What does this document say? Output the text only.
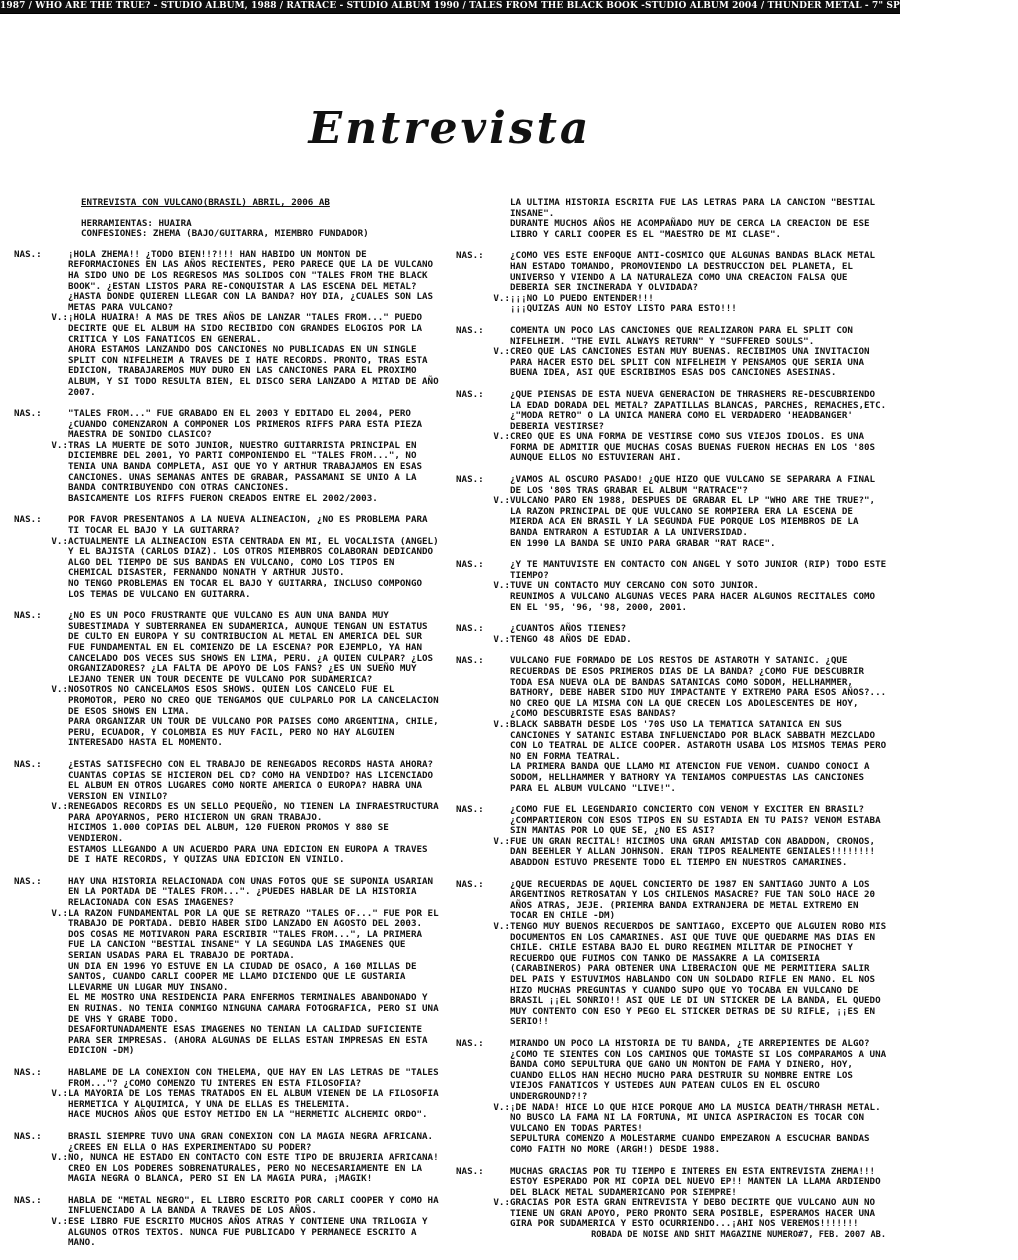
1987 / WHO ARE THE TRUE? - STUDIO ALBUM, 1988 / RATRACE - STUDIO ALBUM 1990 / TALES FROM THE BLACK BOOK -STUDIO ALBUM 2004 / THUNDER METAL - 7" SPLIT /NIFELHEIM, 2006
Entrevista
ENTREVISTA CON VULCANO(BRASIL) ABRIL, 2006 AB
HERRAMIENTAS: HUAIRA
CONFESIONES: ZHEMA (BAJO/GUITARRA, MIEMBRO FUNDADOR)
NAS.:	¡HOLA ZHEMA!! ¿TODO BIEN!!?!!! HAN HABIDO UN MONTON DE REFORMACIONES EN LAS AÑOS RECIENTES, PERO PARECE QUE LA DE VULCANO HA SIDO UNO DE LOS REGRESOS MAS SOLIDOS CON "TALES FROM THE BLACK BOOK". ¿ESTAN LISTOS PARA RE-CONQUISTAR A LAS ESCENA DEL METAL? ¿HASTA DONDE QUIEREN LLEGAR CON LA BANDA? HOY DIA, ¿CUALES SON LAS METAS PARA VULCANO?
V.: ¡HOLA HUAIRA! A MAS DE TRES AÑOS DE LANZAR "TALES FROM..." PUEDO DECIRTE QUE EL ALBUM HA SIDO RECIBIDO CON GRANDES ELOGIOS POR LA CRITICA Y LOS FANATICOS EN GENERAL.
AHORA ESTAMOS LANZANDO DOS CANCIONES NO PUBLICADAS EN UN SINGLE SPLIT CON NIFELHEIM A TRAVES DE I HATE RECORDS. PRONTO, TRAS ESTA EDICION, TRABAJAREMOS MUY DURO EN LAS CANCIONES PARA EL PROXIMO ALBUM, Y SI TODO RESULTA BIEN, EL DISCO SERA LANZADO A MITAD DE AÑO 2007.
NAS.:	"TALES FROM..." FUE GRABADO EN EL 2003 Y EDITADO EL 2004, PERO ¿CUANDO COMENZARON A COMPONER LOS PRIMEROS RIFFS PARA ESTA PIEZA MAESTRA DE SONIDO CLASICO?
V.: TRAS LA MUERTE DE SOTO JUNIOR, NUESTRO GUITARRISTA PRINCIPAL EN DICIEMBRE DEL 2001, YO PARTI COMPONIENDO EL "TALES FROM...", NO TENIA UNA BANDA COMPLETA, ASI QUE YO Y ARTHUR TRABAJAMOS EN ESAS CANCIONES. UNAS SEMANAS ANTES DE GRABAR, PASSAMANI SE UNIO A LA BANDA CONTRIBUYENDO CON OTRAS CANCIONES.
BASICAMENTE LOS RIFFS FUERON CREADOS ENTRE EL 2002/2003.
NAS.:	POR FAVOR PRESENTANOS A LA NUEVA ALINEACION, ¿NO ES PROBLEMA PARA TI TOCAR EL BAJO Y LA GUITARRA?
V.: ACTUALMENTE LA ALINEACION ESTA CENTRADA EN MI, EL VOCALISTA (ANGEL) Y EL BAJISTA (CARLOS DIAZ). LOS OTROS MIEMBROS COLABORAN DEDICANDO ALGO DEL TIEMPO DE SUS BANDAS EN VULCANO, COMO LOS TIPOS EN CHEMICAL DISASTER, FERNANDO NONATH Y ARTHUR JUSTO.
NO TENGO PROBLEMAS EN TOCAR EL BAJO Y GUITARRA, INCLUSO COMPONGO LOS TEMAS DE VULCANO EN GUITARRA.
NAS.:	¿NO ES UN POCO FRUSTRANTE QUE VULCANO ES AUN UNA BANDA MUY SUBESTIMADA Y SUBTERRANEA EN SUDAMERICA, AUNQUE TENGAN UN ESTATUS DE CULTO EN EUROPA Y SU CONTRIBUCION AL METAL EN AMERICA DEL SUR FUE FUNDAMENTAL EN EL COMIENZO DE LA ESCENA? POR EJEMPLO, YA HAN CANCELADO DOS VECES SUS SHOWS EN LIMA, PERU. ¿A QUIEN CULPAR? ¿LOS ORGANIZADORES? ¿LA FALTA DE APOYO DE LOS FANS? ¿ES UN SUEÑO MUY LEJANO TENER UN TOUR DECENTE DE VULCANO POR SUDAMERICA?
V.: NOSOTROS NO CANCELAMOS ESOS SHOWS. QUIEN LOS CANCELO FUE EL PROMOTOR, PERO NO CREO QUE TENGAMOS QUE CULPARLO POR LA CANCELACION DE ESOS SHOWS EN LIMA.
PARA ORGANIZAR UN TOUR DE VULCANO POR PAISES COMO ARGENTINA, CHILE, PERU, ECUADOR, Y COLOMBIA ES MUY FACIL, PERO NO HAY ALGUIEN INTERESADO HASTA EL MOMENTO.
NAS.:	¿ESTAS SATISFECHO CON EL TRABAJO DE RENEGADOS RECORDS HASTA AHORA? CUANTAS COPIAS SE HICIERON DEL CD? COMO HA VENDIDO? HAS LICENCIADO EL ALBUM EN OTROS LUGARES COMO NORTE AMERICA O EUROPA? HABRA UNA VERSION EN VINILO?
V.: RENEGADOS RECORDS ES UN SELLO PEQUEÑO, NO TIENEN LA INFRAESTRUCTURA PARA APOYARNOS, PERO HICIERON UN GRAN TRABAJO.
HICIMOS 1.000 COPIAS DEL ALBUM, 120 FUERON PROMOS Y 880 SE VENDIERON.
ESTAMOS LLEGANDO A UN ACUERDO PARA UNA EDICION EN EUROPA A TRAVES DE I HATE RECORDS, Y QUIZAS UNA EDICION EN VINILO.
NAS.:	HAY UNA HISTORIA RELACIONADA CON UNAS FOTOS QUE SE SUPONIA USARIAN EN LA PORTADA DE "TALES FROM...". ¿PUEDES HABLAR DE LA HISTORIA RELACIONADA CON ESAS IMAGENES?
V.: LA RAZON FUNDAMENTAL POR LA QUE SE RETRAZO "TALES OF..." FUE POR EL TRABAJO DE PORTADA. DEBIO HABER SIDO LANZADO EN AGOSTO DEL 2003.
DOS COSAS ME MOTIVARON PARA ESCRIBIR "TALES FROM...", LA PRIMERA FUE LA CANCION "BESTIAL INSANE" Y LA SEGUNDA LAS IMAGENES QUE SERIAN USADAS PARA EL TRABAJO DE PORTADA.
UN DIA EN 1996 YO ESTUVE EN LA CIUDAD DE OSACO, A 160 MILLAS DE SANTOS, CUANDO CARLI COOPER ME LLAMO DICIENDO QUE LE GUSTARIA LLEVARME UN LUGAR MUY INSANO.
EL ME MOSTRO UNA RESIDENCIA PARA ENFERMOS TERMINALES ABANDONADO Y EN RUINAS. NO TENIA CONMIGO NINGUNA CAMARA FOTOGRAFICA, PERO SI UNA DE VHS Y GRABE TODO.
DESAFORTUNADAMENTE ESAS IMAGENES NO TENIAN LA CALIDAD SUFICIENTE PARA SER IMPRESAS. (AHORA ALGUNAS DE ELLAS ESTAN IMPRESAS EN ESTA EDICION -DM)
NAS.:	HABLAME DE LA CONEXION CON THELEMA, QUE HAY EN LAS LETRAS DE "TALES FROM..."? ¿COMO COMENZO TU INTERES EN ESTA FILOSOFIA?
V.: LA MAYORIA DE LOS TEMAS TRATADOS EN EL ALBUM VIENEN DE LA FILOSOFIA HERMETICA Y ALQUIMICA, Y UNA DE ELLAS ES THELEMITA.
HACE MUCHOS AÑOS QUE ESTOY METIDO EN LA "HERMETIC ALCHEMIC ORDO".
NAS.:	BRASIL SIEMPRE TUVO UNA GRAN CONEXION CON LA MAGIA NEGRA AFRICANA. ¿CREES EN ELLA O HAS EXPERIMENTADO SU PODER?
V.: NO, NUNCA HE ESTADO EN CONTACTO CON ESTE TIPO DE BRUJERIA AFRICANA!
CREO EN LOS PODERES SOBRENATURALES, PERO NO NECESARIAMENTE EN LA MAGIA NEGRA O BLANCA, PERO SI EN LA MAGIA PURA, ¡MAGIK!
NAS.:	HABLA DE "METAL NEGRO", EL LIBRO ESCRITO POR CARLI COOPER Y COMO HA INFLUENCIADO A LA BANDA A TRAVES DE LOS AÑOS.
V.: ESE LIBRO FUE ESCRITO MUCHOS AÑOS ATRAS Y CONTIENE UNA TRILOGIA Y ALGUNOS OTROS TEXTOS. NUNCA FUE PUBLICADO Y PERMANECE ESCRITO A MANO.
LA ULTIMA HISTORIA ESCRITA FUE LAS LETRAS PARA LA CANCION "BESTIAL INSANE".
DURANTE MUCHOS AÑOS HE ACOMPAÑADO MUY DE CERCA LA CREACION DE ESE LIBRO Y CARLI COOPER ES EL "MAESTRO DE MI CLASE".
NAS.:	¿COMO VES ESTE ENFOQUE ANTI-COSMICO QUE ALGUNAS BANDAS BLACK METAL HAN ESTADO TOMANDO, PROMOVIENDO LA DESTRUCCION DEL PLANETA, EL UNIVERSO Y VIENDO A LA NATURALEZA COMO UNA CREACION FALSA QUE DEBERIA SER INCINERADA Y OLVIDADA?
V.: ¡¡¡NO LO PUEDO ENTENDER!!!
¡¡¡QUIZAS AUN NO ESTOY LISTO PARA ESTO!!!
NAS.:	COMENTA UN POCO LAS CANCIONES QUE REALIZARON PARA EL SPLIT CON NIFELHEIM. "THE EVIL ALWAYS RETURN" Y "SUFFERED SOULS".
V.: CREO QUE LAS CANCIONES ESTAN MUY BUENAS. RECIBIMOS UNA INVITACION PARA HACER ESTO DEL SPLIT CON NIFELHEIM Y PENSAMOS QUE SERIA UNA BUENA IDEA, ASI QUE ESCRIBIMOS ESAS DOS CANCIONES ASESINAS.
NAS.:	¿QUE PIENSAS DE ESTA NUEVA GENERACION DE THRASHERS RE-DESCUBRIENDO LA EDAD DORADA DEL METAL? ZAPATILLAS BLANCAS, PARCHES, REMACHES,ETC. ¿"MODA RETRO" O LA UNICA MANERA COMO EL VERDADERO 'HEADBANGER' DEBERIA VESTIRSE?
V.: CREO QUE ES UNA FORMA DE VESTIRSE COMO SUS VIEJOS IDOLOS. ES UNA FORMA DE ADMITIR QUE MUCHAS COSAS BUENAS FUERON HECHAS EN LOS '80S AUNQUE ELLOS NO ESTUVIERAN AHI.
NAS.:	¿VAMOS AL OSCURO PASADO! ¿QUE HIZO QUE VULCANO SE SEPARARA A FINAL DE LOS '80S TRAS GRABAR EL ALBUM "RATRACE"?
V.: VULCANO PARO EN 1988, DESPUES DE GRABAR EL LP "WHO ARE THE TRUE?", LA RAZON PRINCIPAL DE QUE VULCANO SE ROMPIERA ERA LA ESCENA DE MIERDA ACA EN BRASIL Y LA SEGUNDA FUE PORQUE LOS MIEMBROS DE LA BANDA ENTRARON A ESTUDIAR A LA UNIVERSIDAD.
EN 1990 LA BANDA SE UNIO PARA GRABAR "RAT RACE".
NAS.:	¿Y TE MANTUVISTE EN CONTACTO CON ANGEL Y SOTO JUNIOR (RIP) TODO ESTE TIEMPO?
V.: TUVE UN CONTACTO MUY CERCANO CON SOTO JUNIOR.
REUNIMOS A VULCANO ALGUNAS VECES PARA HACER ALGUNOS RECITALES COMO EN EL '95, '96, '98, 2000, 2001.
NAS.:	¿CUANTOS AÑOS TIENES?
V.: TENGO 48 AÑOS DE EDAD.
NAS.:	VULCANO FUE FORMADO DE LOS RESTOS DE ASTAROTH Y SATANIC. ¿QUE RECUERDAS DE ESOS PRIMEROS DIAS DE LA BANDA? ¿COMO FUE DESCUBRIR TODA ESA NUEVA OLA DE BANDAS SATANICAS COMO SODOM, HELLHAMMER, BATHORY, DEBE HABER SIDO MUY IMPACTANTE Y EXTREMO PARA ESOS AÑOS?... NO CREO QUE LA MISMA CON LA QUE CRECEN LOS ADOLESCENTES DE HOY, ¿COMO DESCUBRISTE ESAS BANDAS?
V.: BLACK SABBATH DESDE LOS '70S USO LA TEMATICA SATANICA EN SUS CANCIONES Y SATANIC ESTABA INFLUENCIADO POR BLACK SABBATH MEZCLADO CON LO TEATRAL DE ALICE COOPER. ASTAROTH USABA LOS MISMOS TEMAS PERO NO EN FORMA TEATRAL.
LA PRIMERA BANDA QUE LLAMO MI ATENCION FUE VENOM. CUANDO CONOCI A SODOM, HELLHAMMER Y BATHORY YA TENIAMOS COMPUESTAS LAS CANCIONES PARA EL ALBUM VULCANO "LIVE!".
NAS.:	¿COMO FUE EL LEGENDARIO CONCIERTO CON VENOM Y EXCITER EN BRASIL? ¿COMPARTIERON CON ESOS TIPOS EN SU ESTADIA EN TU PAIS? VENOM ESTABA SIN MANTAS POR LO QUE SE, ¿NO ES ASI?
V.: FUE UN GRAN RECITAL! HICIMOS UNA GRAN AMISTAD CON ABADDON, CRONOS, DAN BEEHLER Y ALLAN JOHNSON. ERAN TIPOS REALMENTE GENIALES!!!!!!!! ABADDON ESTUVO PRESENTE TODO EL TIEMPO EN NUESTROS CAMARINES.
NAS.:	¿QUE RECUERDAS DE AQUEL CONCIERTO DE 1987 EN SANTIAGO JUNTO A LOS ARGENTINOS RETROSATAN Y LOS CHILENOS MASACRE? FUE TAN SOLO HACE 20 AÑOS ATRAS, JEJE. (PRIEMRA BANDA EXTRANJERA DE METAL EXTREMO EN TOCAR EN CHILE -DM)
V.: TENGO MUY BUENOS RECUERDOS DE SANTIAGO, EXCEPTO QUE ALGUIEN ROBO MIS DOCUMENTOS EN LOS CAMARINES. ASI QUE TUVE QUE QUEDARME MAS DIAS EN CHILE. CHILE ESTABA BAJO EL DURO REGIMEN MILITAR DE PINOCHET Y RECUERDO QUE FUIMOS CON TANKO DE MASSAKRE A LA COMISERIA (CARABINEROS) PARA OBTENER UNA LIBERACION QUE ME PERMITIERA SALIR DEL PAIS Y ESTUVIMOS HABLANDO CON UN SOLDADO RIFLE EN MANO. EL NOS HIZO MUCHAS PREGUNTAS Y CUANDO SUPO QUE YO TOCABA EN VULCANO DE BRASIL ¡¡EL SONRIO!! ASI QUE LE DI UN STICKER DE LA BANDA, EL QUEDO MUY CONTENTO CON ESO Y PEGO EL STICKER DETRAS DE SU RIFLE, ¡¡ES EN SERIO!!
NAS.:	MIRANDO UN POCO LA HISTORIA DE TU BANDA, ¿TE ARREPIENTES DE ALGO? ¿COMO TE SIENTES CON LOS CAMINOS QUE TOMASTE SI LOS COMPARAMOS A UNA BANDA COMO SEPULTURA QUE GANO UN MONTON DE FAMA Y DINERO, HOY, CUANDO ELLOS HAN HECHO MUCHO PARA DESTRUIR SU NOMBRE ENTRE LOS VIEJOS FANATICOS Y USTEDES AUN PATEAN CULOS EN EL OSCURO UNDERGROUND?!?
V.: ¡DE NADA! HICE LO QUE HICE PORQUE AMO LA MUSICA DEATH/THRASH METAL. NO BUSCO LA FAMA NI LA FORTUNA, MI UNICA ASPIRACION ES TOCAR CON VULCANO EN TODAS PARTES!
SEPULTURA COMENZO A MOLESTARME CUANDO EMPEZARON A ESCUCHAR BANDAS COMO FAITH NO MORE (ARGH!) DESDE 1988.
NAS.:	MUCHAS GRACIAS POR TU TIEMPO E INTERES EN ESTA ENTREVISTA ZHEMA!!! ESTOY ESPERADO POR MI COPIA DEL NUEVO EP!! MANTEN LA LLAMA ARDIENDO DEL BLACK METAL SUDAMERICANO POR SIEMPRE!
V.: GRACIAS POR ESTA GRAN ENTREVISTA Y DEBO DECIRTE QUE VULCANO AUN NO TIENE UN GRAN APOYO, PERO PRONTO SERA POSIBLE, ESPERAMOS HACER UNA GIRA POR SUDAMERICA Y ESTO OCURRIENDO...¡AHI NOS VEREMOS!!!!!!!
ROBADA DE NOISE AND SHIT MAGAZINE NUMERO#7, FEB. 2007 AB.
